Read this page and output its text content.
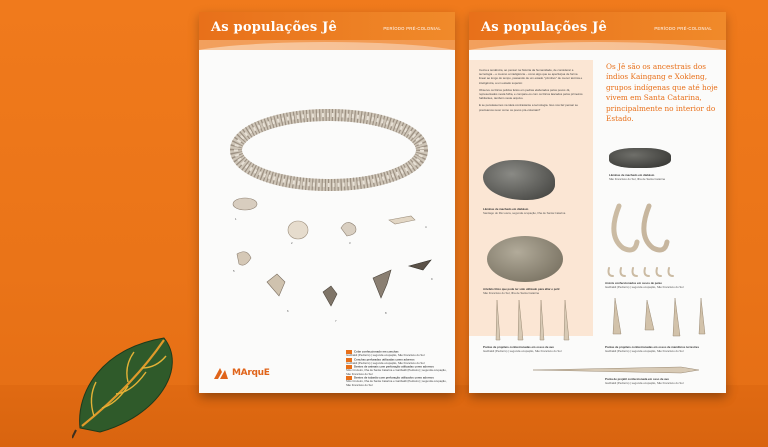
As populações Jê	PERÍODO PRÉ-COLONIAL
1
2	3
4
5
6
7
8
9
Colar confeccionado em conchas
Garibaldi (Pedreiro) | segunda ocupação, São Francisco do Sul
Conchas perfuradas utilizadas como adornos
Garibaldi (Pedreiro) | segunda ocupação, São Francisco do Sul
Dentes de animais com perfuração utilizadas como adornos
Sítio Cruzeiro, Ilha de Santa Catarina e Garibaldi (Pedreiro) | segunda ocupação, São Francisco do Sul
Dentes de tubarão com perfuração utilizados como adornos
Sítio Cruzeiro, Ilha de Santa Catarina e Garibaldi (Pedreiro) | segunda ocupação, São Francisco do Sul
MArquE
As populações Jê	PERÍODO PRÉ-COLONIAL

Cerca a tendência, ao pensar na história da humanidade, de considerar a tecnologia – e mesmo a inteligência – como algo que se aperfeiçoa de forma linear ao longo do tempo, passando de um estado "primitivo" de menor técnica e inteligência, a um estado superior.

Observe os líticos polidos feitos em pedras elaborados pelos povos Jê, representados nesta folha, e compare-os com os líticos lascados pelos primeiros habitantes, também neste arquivo.

E se pensássemos na ideia contrastante a tecnologia. Isso nos faz pensar se precisamos rever como os povos pré-coloniais?

Os Jê são os ancestrais dos índios Kaingang e Xokleng, grupos indígenas que até hoje vivem em Santa Catarina, principalmente no interior do Estado.
Lâminas de machado em diabásio
Santiago do Rio Lavra, segunda ocupação, Ilha de Santa Catarina
Lâminas de machado em diabásio
São Francisco do Sul, Ilha de Santa Catarina
Artefato lítico que pode ter sido utilizado para afiar e polir
São Francisco do Sul, Ilha de Santa Catarina
Anzóis confeccionados em ossos de peixe
Garibaldi (Pedreiro) | segunda ocupação, São Francisco do Sul
Pontas de projéteis confeccionadas em ossos de ave
Garibaldi (Pedreiro) | segunda ocupação, São Francisco do Sul
Pontas de projéteis confeccionadas em ossos de mamíferos terrestres
Garibaldi (Pedreiro) | segunda ocupação, São Francisco do Sul
Ponta de projétil confeccionada em osso de ave
Garibaldi (Pedreiro) | segunda ocupação, São Francisco do Sul
